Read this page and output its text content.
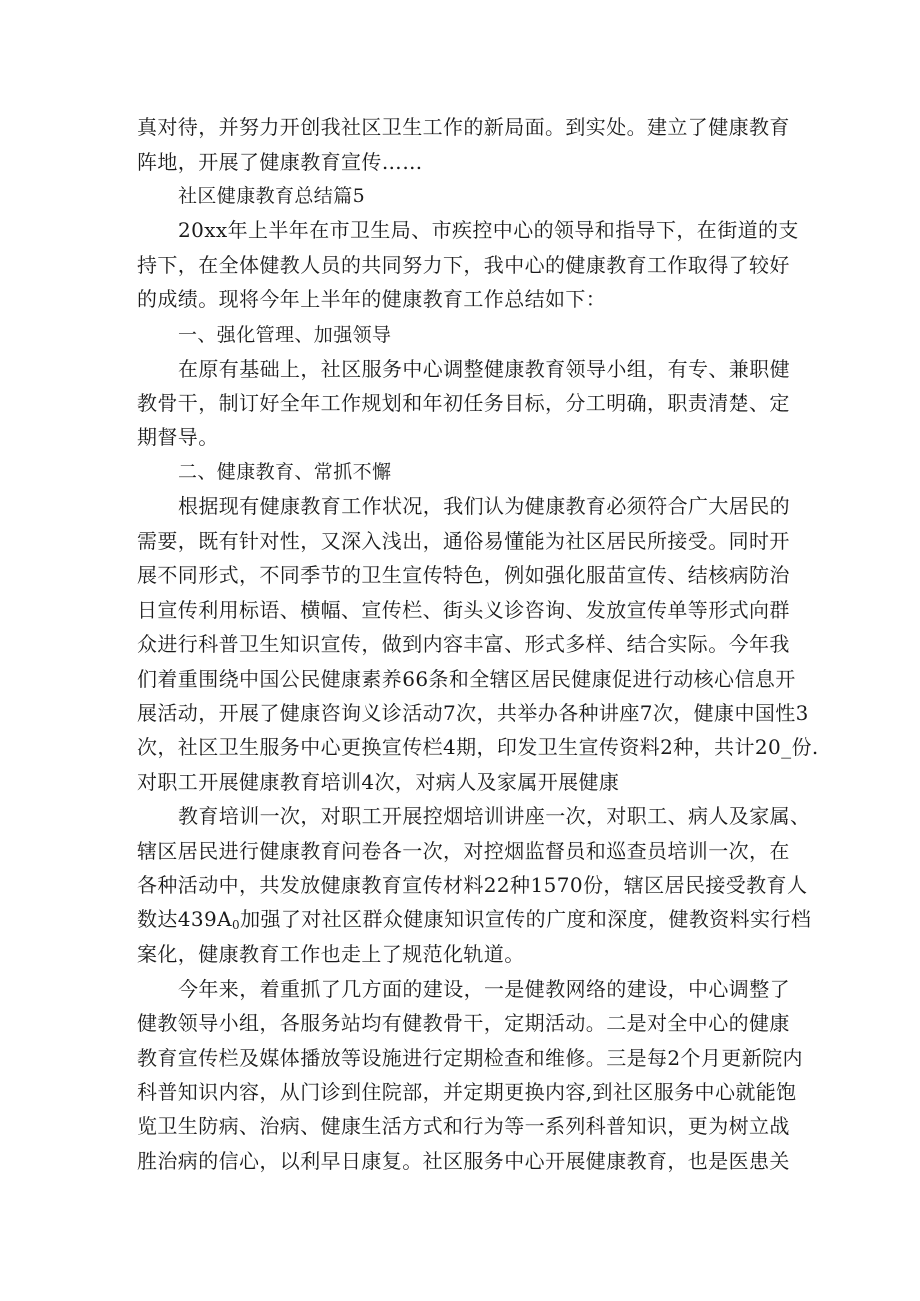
真对待，并努力开创我社区卫生工作的新局面。到实处。建立了健康教育
阵地，开展了健康教育宣传……
社区健康教育总结篇5
20xx年上半年在市卫生局、市疾控中心的领导和指导下，在街道的支
持下，在全体健教人员的共同努力下，我中心的健康教育工作取得了较好
的成绩。现将今年上半年的健康教育工作总结如下：
一、强化管理、加强领导
在原有基础上，社区服务中心调整健康教育领导小组，有专、兼职健
教骨干，制订好全年工作规划和年初任务目标，分工明确，职责清楚、定
期督导。
二、健康教育、常抓不懈
根据现有健康教育工作状况，我们认为健康教育必须符合广大居民的
需要，既有针对性，又深入浅出，通俗易懂能为社区居民所接受。同时开
展不同形式，不同季节的卫生宣传特色，例如强化服苗宣传、结核病防治
日宣传利用标语、横幅、宣传栏、街头义诊咨询、发放宣传单等形式向群
众进行科普卫生知识宣传，做到内容丰富、形式多样、结合实际。今年我
们着重围绕中国公民健康素养66条和全辖区居民健康促进行动核心信息开
展活动，开展了健康咨询义诊活动7次，共举办各种讲座7次，健康中国性3
次，社区卫生服务中心更换宣传栏4期，印发卫生宣传资料2种，共计20_份.
对职工开展健康教育培训4次，对病人及家属开展健康
教育培训一次，对职工开展控烟培训讲座一次，对职工、病人及家属、
辖区居民进行健康教育问卷各一次，对控烟监督员和巡查员培训一次，在
各种活动中，共发放健康教育宣传材料22种1570份，辖区居民接受教育人
数达$439A_0$加强了对社区群众健康知识宣传的广度和深度，健教资料实行档
案化，健康教育工作也走上了规范化轨道。
今年来，着重抓了几方面的建设，一是健教网络的建设，中心调整了
健教领导小组，各服务站均有健教骨干，定期活动。二是对全中心的健康
教育宣传栏及媒体播放等设施进行定期检查和维修。三是每2个月更新院内
科普知识内容，从门诊到住院部，并定期更换内容,到社区服务中心就能饱
览卫生防病、治病、健康生活方式和行为等一系列科普知识，更为树立战
胜治病的信心，以利早日康复。社区服务中心开展健康教育，也是医患关
